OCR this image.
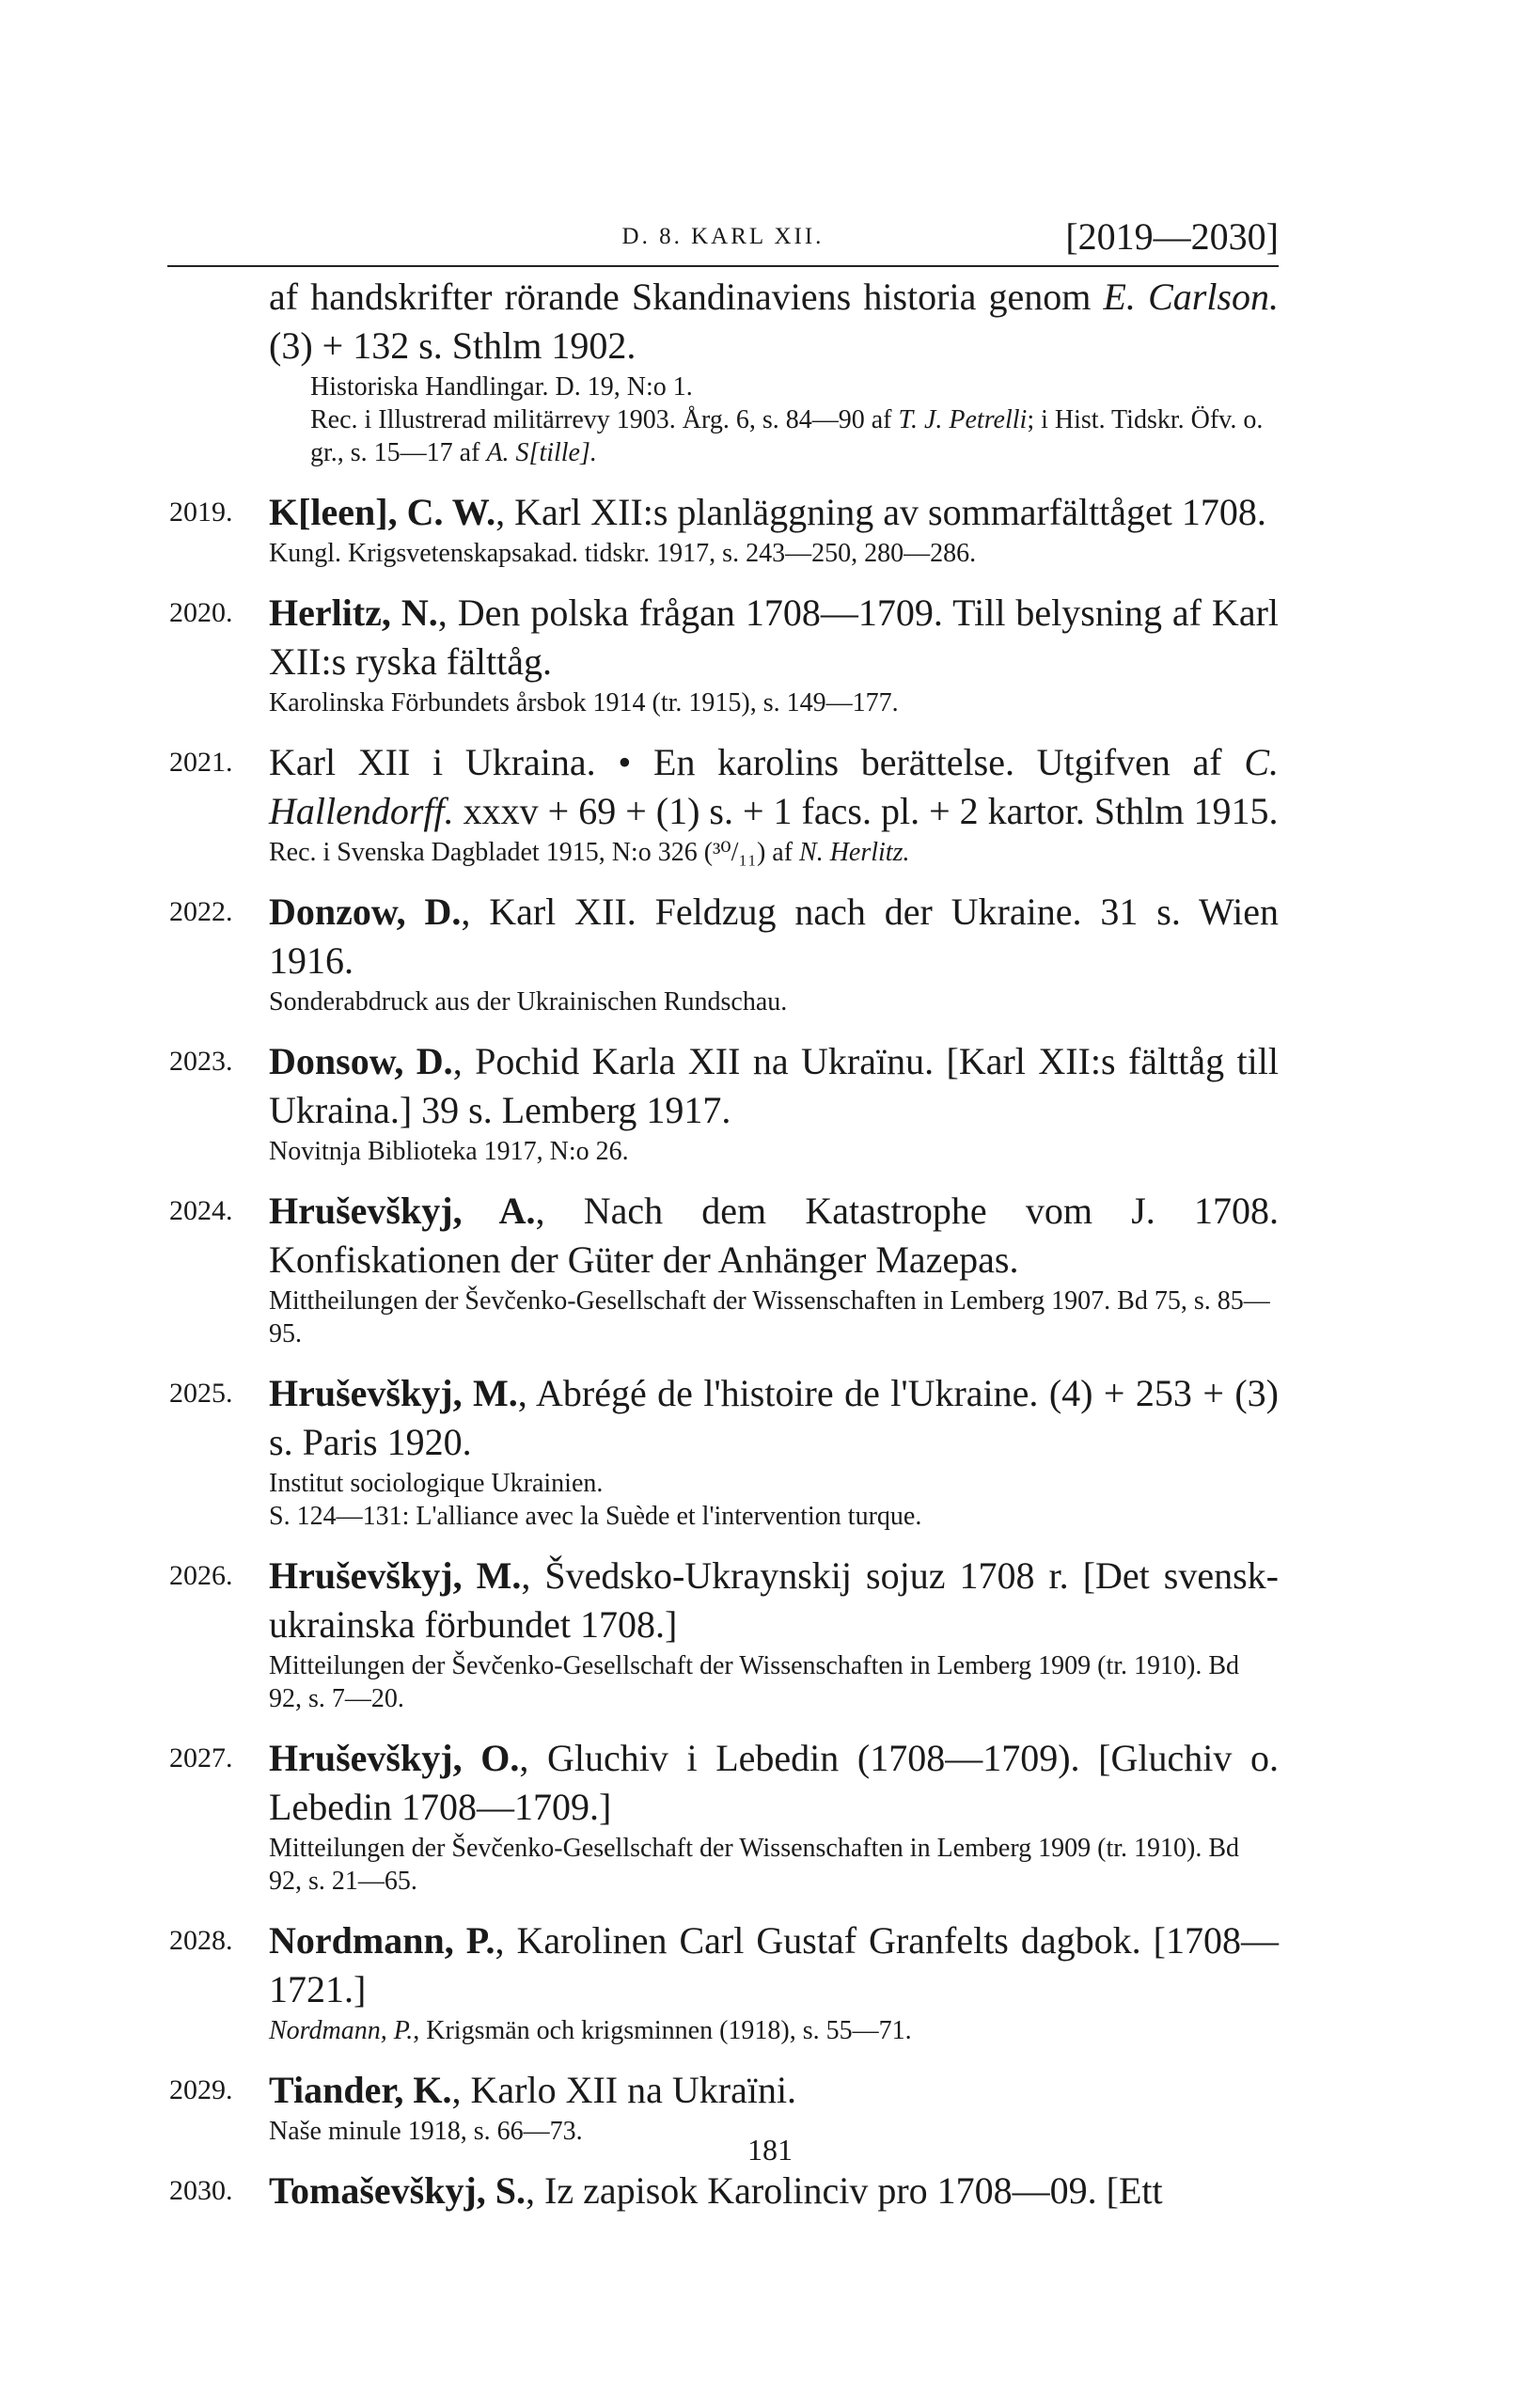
D. 8. KARL XII.	[2019—2030]
af handskrifter rörande Skandinaviens historia genom E. Carlson. (3) + 132 s. Sthlm 1902.
Historiska Handlingar. D. 19, N:o 1.
Rec. i Illustrerad militärrevy 1903. Årg. 6, s. 84—90 af T. J. Petrelli; i Hist. Tidskr. Öfv. o. gr., s. 15—17 af A. S[tille].
2019. K[leen], C. W., Karl XII:s planläggning av sommarfälttåget 1708.
Kungl. Krigsvetenskapsakad. tidskr. 1917, s. 243—250, 280—286.
2020. Herlitz, N., Den polska frågan 1708—1709. Till belysning af Karl XII:s ryska fälttåg.
Karolinska Förbundets årsbok 1914 (tr. 1915), s. 149—177.
2021. Karl XII i Ukraina. • En karolins berättelse. Utgifven af C. Hallendorff. xxxv + 69 + (1) s. + 1 facs. pl. + 2 kartor. Sthlm 1915.
Rec. i Svenska Dagbladet 1915, N:o 326 (³⁰/₁₁) af N. Herlitz.
2022. Donzow, D., Karl XII. Feldzug nach der Ukraine. 31 s. Wien 1916.
Sonderabdruck aus der Ukrainischen Rundschau.
2023. Donsow, D., Pochid Karla XII na Ukraïnu. [Karl XII:s fälttåg till Ukraina.] 39 s. Lemberg 1917.
Novitnja Biblioteka 1917, N:o 26.
2024. Hruševškyj, A., Nach dem Katastrophe vom J. 1708. Konfiskationen der Güter der Anhänger Mazepas.
Mittheilungen der Ševčenko-Gesellschaft der Wissenschaften in Lemberg 1907. Bd 75, s. 85—95.
2025. Hruševškyj, M., Abrégé de l'histoire de l'Ukraine. (4) + 253 + (3) s. Paris 1920.
Institut sociologique Ukrainien.
S. 124—131: L'alliance avec la Suède et l'intervention turque.
2026. Hruševškyj, M., Švedsko-Ukraynskij sojuz 1708 r. [Det svensk-ukrainska förbundet 1708.]
Mitteilungen der Ševčenko-Gesellschaft der Wissenschaften in Lemberg 1909 (tr. 1910). Bd 92, s. 7—20.
2027. Hruševškyj, O., Gluchiv i Lebedin (1708—1709). [Gluchiv o. Lebedin 1708—1709.]
Mitteilungen der Ševčenko-Gesellschaft der Wissenschaften in Lemberg 1909 (tr. 1910). Bd 92, s. 21—65.
2028. Nordmann, P., Karolinen Carl Gustaf Granfelts dagbok. [1708—1721.]
Nordmann, P., Krigsmän och krigsminnen (1918), s. 55—71.
2029. Tiander, K., Karlo XII na Ukraïni.
Naše minule 1918, s. 66—73.
2030. Tomaševškyj, S., Iz zapisok Karolinciv pro 1708—09. [Ett
181
